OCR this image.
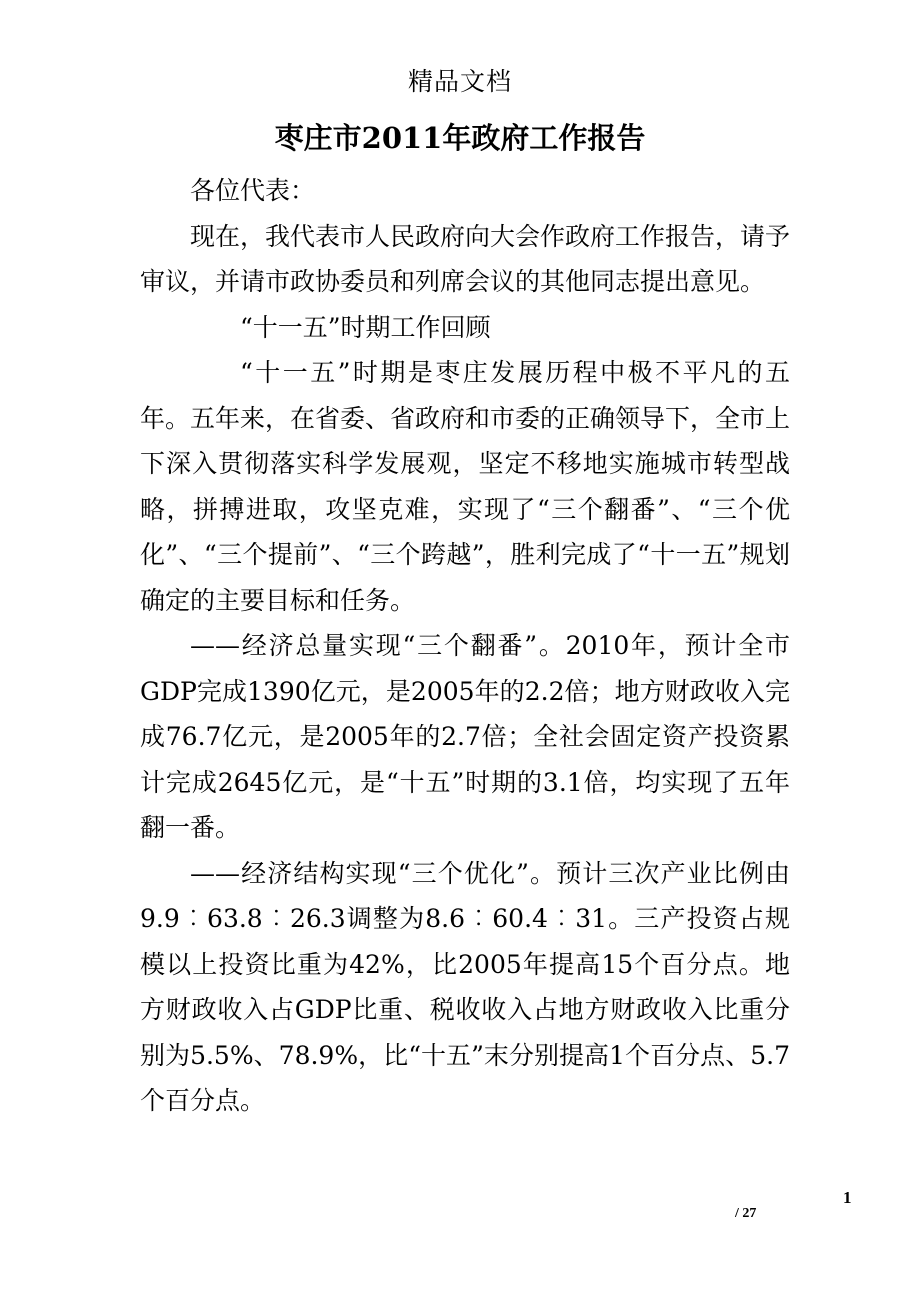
精品文档
枣庄市2011年政府工作报告

各位代表：

现在，我代表市人民政府向大会作政府工作报告，请予审议，并请市政协委员和列席会议的其他同志提出意见。

“十一五”时期工作回顾

“十一五”时期是枣庄发展历程中极不平凡的五年。五年来，在省委、省政府和市委的正确领导下，全市上下深入贯彻落实科学发展观，坚定不移地实施城市转型战略，拼搏进取，攻坚克难，实现了“三个翻番”、“三个优化”、“三个提前”、“三个跨越”，胜利完成了“十一五”规划确定的主要目标和任务。

——经济总量实现“三个翻番”。2010年，预计全市GDP完成1390亿元，是2005年的2.2倍；地方财政收入完成76.7亿元，是2005年的2.7倍；全社会固定资产投资累计完成2645亿元，是“十五”时期的3.1倍，均实现了五年翻一番。

——经济结构实现“三个优化”。预计三次产业比例由9.9︰63.8︰26.3调整为8.6︰60.4︰31。三产投资占规模以上投资比重为42%，比2005年提高15个百分点。地方财政收入占GDP比重、税收收入占地方财政收入比重分别为5.5%、78.9%，比“十五”末分别提高1个百分点、5.7个百分点。

1
/ 27
